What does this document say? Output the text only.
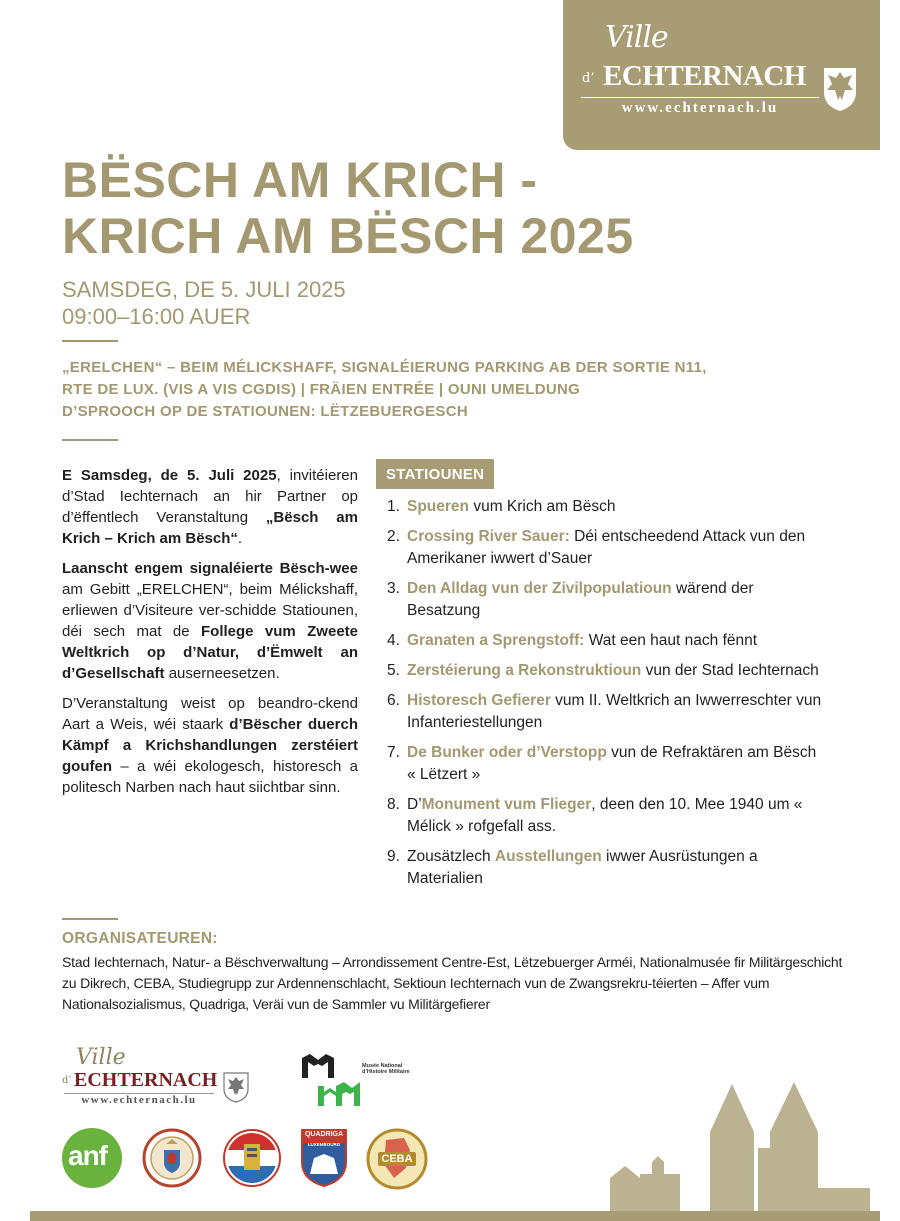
Ville
d’ ECHTERNACH
www.echternach.lu
BËSCH AM KRICH -
KRICH AM BËSCH 2025
SAMSDEG, DE 5. JULI 2025
09:00–16:00 AUER
„ERELCHEN“ – BEIM MÉLICKSHAFF, SIGNALÉIERUNG PARKING AB DER SORTIE N11,
RTE DE LUX. (VIS A VIS CGDIS) | FRÄIEN ENTRÉE | OUNI UMELDUNG
D’SPROOCH OP DE STATIOUNEN: LËTZEBUERGESCH

E Samsdeg, de 5. Juli 2025, invitéieren d’Stad Iechternach an hir Partner op d’ëffentlech Veranstaltung „Bësch am Krich – Krich am Bësch“.

Laanscht engem signaléierte Bësch-wee am Gebitt „ERELCHEN“, beim Mélickshaff, erliewen d’Visiteure ver-schidde Statiounen, déi sech mat de Follege vum Zweete Weltkrich op d’Natur, d’Ëmwelt an d’Gesellschaft auserneesetzen.

D’Veranstaltung weist op beandro-ckend Aart a Weis, wéi staark d’Bëscher duerch Kämpf a Krichshandlungen zerstéiert goufen – a wéi ekologesch, historesch a politesch Narben nach haut siichtbar sinn.

STATIOUNEN
1. Spueren vum Krich am Bësch
2. Crossing River Sauer: Déi entscheedend Attack vun den Amerikaner iwwert d’Sauer
3. Den Alldag vun der Zivilpopulatioun wärend der Besatzung
4. Granaten a Sprengstoff: Wat een haut nach fënnt
5. Zerstéierung a Rekonstruktioun vun der Stad Iechternach
6. Historesch Gefierer vum II. Weltkrich an Iwwerreschter vun Infanteriestellungen
7. De Bunker oder d’Verstopp vun de Refraktären am Bësch « Lëtzert »
8. D’Monument vum Flieger, deen den 10. Mee 1940 um « Mélick » rofgefall ass.
9. Zousätzlech Ausstellungen iwwer Ausrüstungen a Materialien
ORGANISATEUREN:
Stad Iechternach, Natur- a Bëschverwaltung – Arrondissement Centre-Est, Lëtzebuerger Arméi, Nationalmusée fir Militärgeschicht zu Dikrech, CEBA, Studiegrupp zur Ardennenschlacht, Sektioun Iechternach vun de Zwangsrekru-téierten – Affer vum Nationalsozialismus, Quadriga, Veräi vun de Sammler vu Militärgefierer
Ville
d’ ECHTERNACH
www.echternach.lu
Musée National
d’Histoire Militaire
anf
QUADRIGA
LUXEMBOURG
CEBA
